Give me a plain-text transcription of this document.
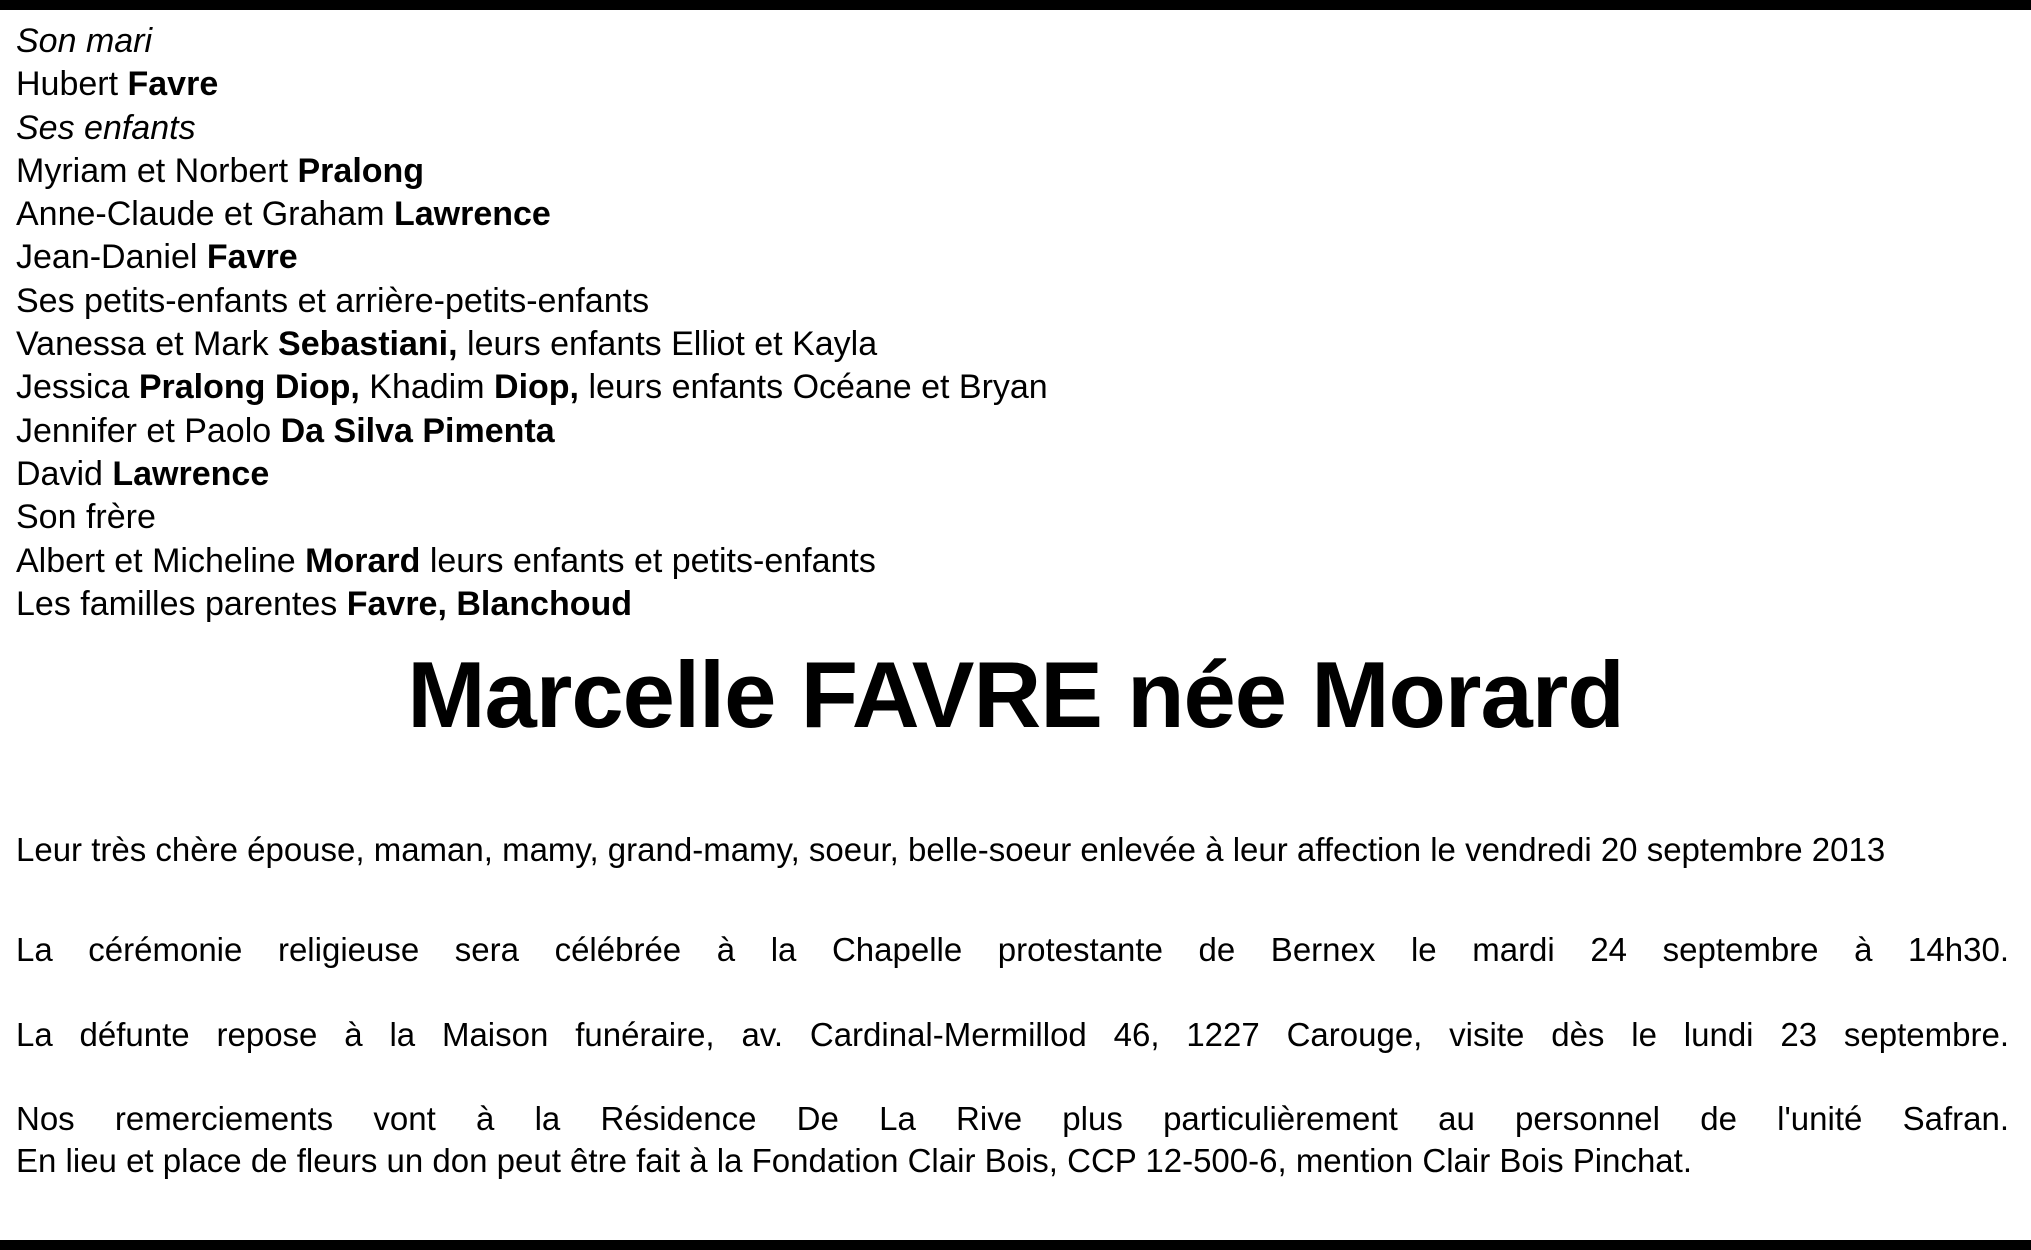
Son mari
Hubert Favre
Ses enfants
Myriam et Norbert Pralong
Anne-Claude et Graham Lawrence
Jean-Daniel Favre
Ses petits-enfants et arrière-petits-enfants
Vanessa et Mark Sebastiani, leurs enfants Elliot et Kayla
Jessica Pralong Diop, Khadim Diop, leurs enfants Océane et Bryan
Jennifer et Paolo Da Silva Pimenta
David Lawrence
Son frère
Albert et Micheline Morard leurs enfants et petits-enfants
Les familles parentes Favre, Blanchoud
Marcelle FAVRE née Morard
Leur très chère épouse, maman, mamy, grand-mamy, soeur, belle-soeur enlevée à leur affection le vendredi 20 septembre 2013
La cérémonie religieuse sera célébrée à la Chapelle protestante de Bernex le mardi 24 septembre à 14h30.
La défunte repose à la Maison funéraire, av. Cardinal-Mermillod 46, 1227 Carouge, visite dès le lundi 23 septembre.
Nos remerciements vont à la Résidence De La Rive plus particulièrement au personnel de l'unité Safran.
En lieu et place de fleurs un don peut être fait à la Fondation Clair Bois, CCP 12-500-6, mention Clair Bois Pinchat.
